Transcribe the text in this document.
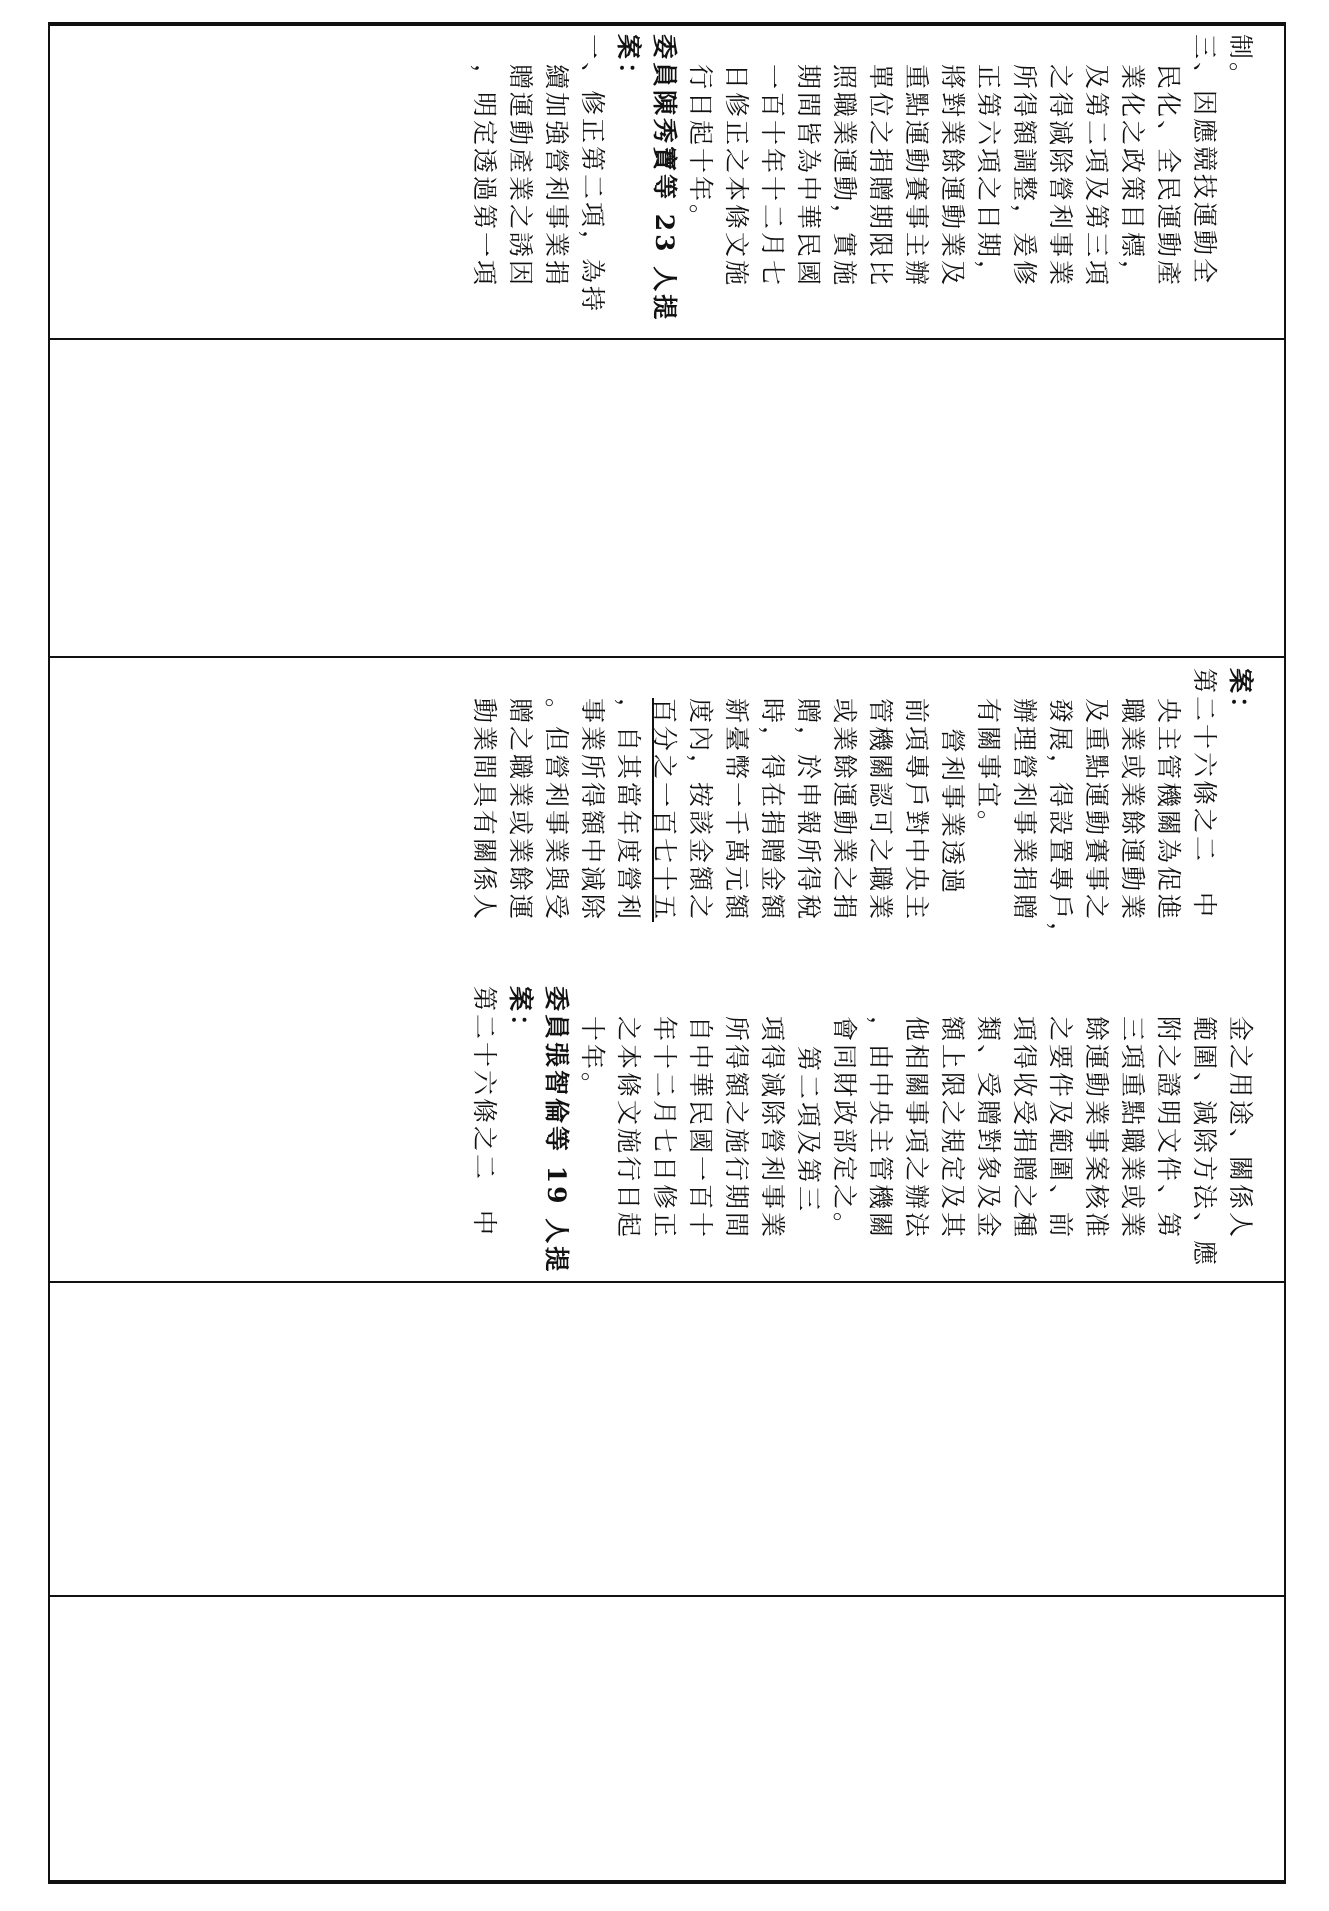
制。
三、因應競技運動全
民化、全民運動產
業化之政策目標，
及第二項及第三項
之得減除營利事業
所得額調整，爰修
正第六項之日期，
將對業餘運動業及
重點運動賽事主辦
單位之捐贈期限比
照職業運動，實施
期間皆為中華民國
一百十年十二月七
日修正之本條文施
行日起十年。
委員陳秀寶等 23 人提
案：
一、修正第二項，為持
續加強營利事業捐
贈運動產業之誘因
，明定透過第一項
案：
第二十六條之二　中
央主管機關為促進
職業或業餘運動業
及重點運動賽事之
發展，得設置專戶，
辦理營利事業捐贈
有關事宜。
營利事業透過
前項專戶對中央主
管機關認可之職業
或業餘運動業之捐
贈，於申報所得稅
時，得在捐贈金額
新臺幣一千萬元額
度內，按該金額之
百分之一百七十五
，自其當年度營利
事業所得額中減除
。但營利事業與受
贈之職業或業餘運
動業間具有關係人
金之用途、關係人
範圍、減除方法、應
附之證明文件、第
三項重點職業或業
餘運動業事案核准
之要件及範圍、前
項得收受捐贈之種
類、受贈對象及金
額上限之規定及其
他相關事項之辦法
，由中央主管機關
會同財政部定之。
第二項及第三
項得減除營利事業
所得額之施行期間
自中華民國一百十
年十二月七日修正
之本條文施行日起
十年。
委員張智倫等 19 人提
案：
第二十六條之二　中
